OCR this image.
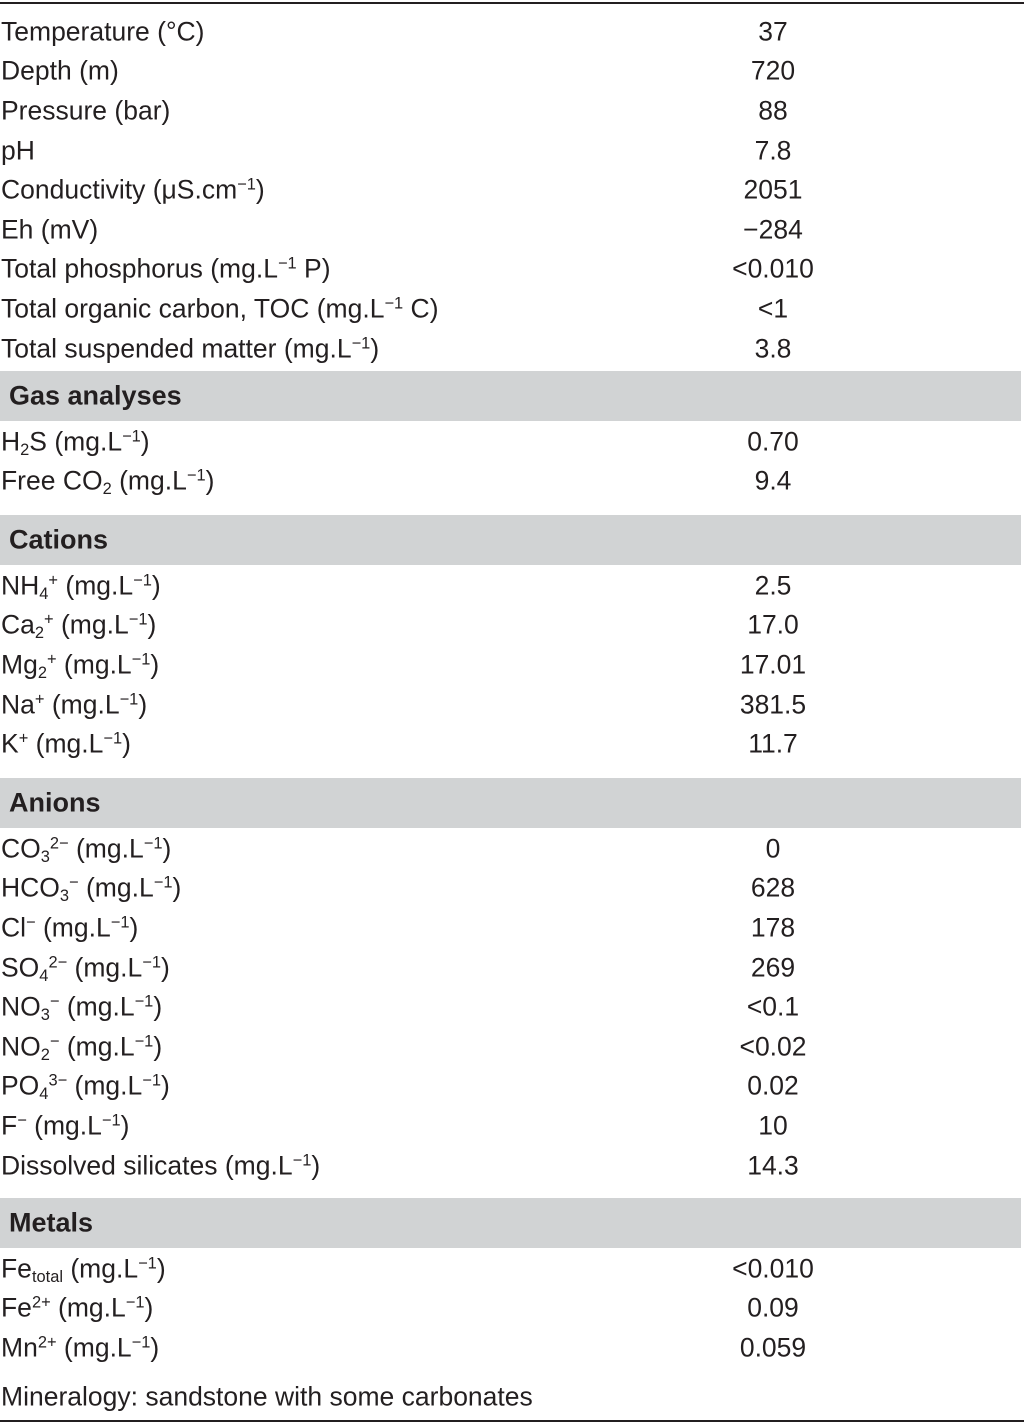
Temperature (°C)	37
Depth (m)	720
Pressure (bar)	88
pH	7.8
Conductivity $(\mu S.cm^{-1})$	2051
Eh (mV)	−284
Total phosphorus ($mg.L^{-1}$ P)	<0.010
Total organic carbon, TOC ($mg.L^{-1}$ C)	<1
Total suspended matter $(mg.L^{-1})$	3.8
Gas analyses
$H_2S$ $(mg.L^{-1})$	0.70
Free $CO_2$ $(mg.L^{-1})$	9.4
Cations
$NH_4^+$ $(mg.L^{-1})$	2.5
$Ca_2^+$ $(mg.L^{-1})$	17.0
$Mg_2^+$ $(mg.L^{-1})$	17.01
Na+ $(mg.L^{-1})$	381.5
K+ $(mg.L^{-1})$	11.7
Anions
$CO_3^{2-}$ $(mg.L^{-1})$	0
$HCO_3^-$ $(mg.L^{-1})$	628
Cl− $(mg.L^{-1})$	178
$SO_4^{2-}$ $(mg.L^{-1})$	269
$NO_3^-$ $(mg.L^{-1})$	<0.1
$NO_2^-$ $(mg.L^{-1})$	<0.02
$PO_4^{3-}$ $(mg.L^{-1})$	0.02
F− $(mg.L^{-1})$	10
Dissolved silicates $(mg.L^{-1})$	14.3
Metals
$Fe_{total}$ $(mg.L^{-1})$	<0.010
$Fe^{2+}$ $(mg.L^{-1})$	0.09
$Mn^{2+}$ $(mg.L^{-1})$	0.059
Mineralogy: sandstone with some carbonates
